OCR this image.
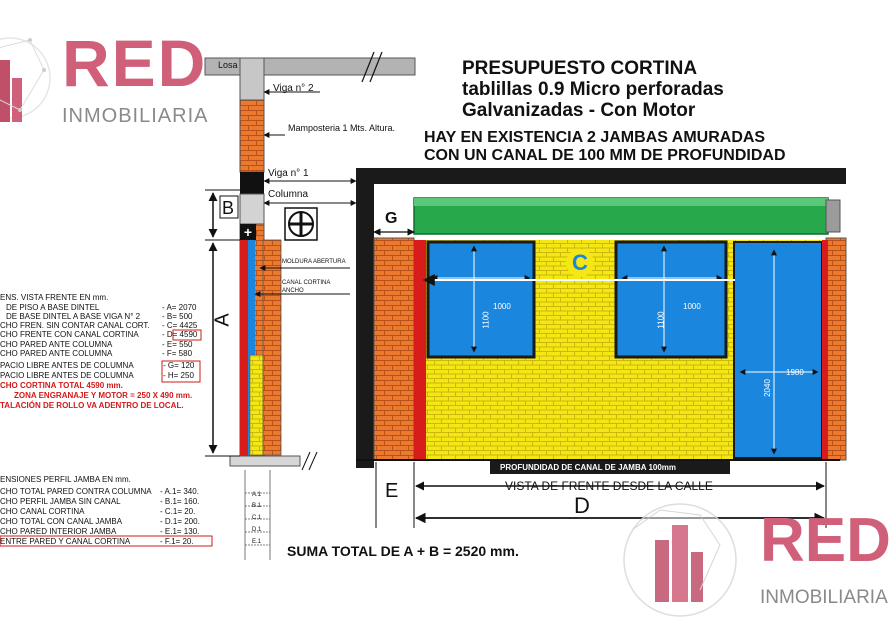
+
RED
INMOBILIARIA
Losa
Viga n° 2
Mamposteria 1 Mts. Altura.
Viga n° 1
Columna
MOLDURA ABERTURA
CANAL CORTINA
ANCHO
B
A
G
C
E
D
PRESUPUESTO CORTINA
tablillas 0.9 Micro perforadas
Galvanizadas - Con Motor
HAY EN EXISTENCIA 2 JAMBAS AMURADAS
CON UN CANAL DE 100 MM DE PROFUNDIDAD
1000
1100
1000
1100
1980
2040
PROFUNDIDAD DE CANAL DE JAMBA 100mm
VISTA DE FRENTE DESDE LA CALLE
ENS. VISTA FRENTE EN mm.
DE PISO A BASE DINTEL	- A= 2070
DE BASE DINTEL A BASE VIGA N° 2	- B= 500
CHO FREN. SIN CONTAR CANAL CORT. - C= 4425
CHO FRENTE CON CANAL CORTINA	- D= 4590
CHO PARED ANTE COLUMNA	- E= 550
CHO PARED ANTE COLUMNA	- F= 580
PACIO LIBRE ANTES DE COLUMNA	- G= 120
PACIO LIBRE ANTES DE COLUMNA	- H= 250
CHO CORTINA TOTAL 4590 mm.
ZONA ENGRANAJE Y MOTOR = 250 X 490 mm.
TALACIÓN DE ROLLO VA ADENTRO DE LOCAL.
ENSIONES PERFIL JAMBA EN mm.
CHO TOTAL PARED CONTRA COLUMNA - A.1= 340.
CHO PERFIL JAMBA SIN CANAL	- B.1= 160.
CHO CANAL CORTINA	- C.1= 20.
CHO TOTAL CON CANAL JAMBA	- D.1= 200.
CHO PARED INTERIOR JAMBA	- E.1= 130.
ENTRE PARED Y CANAL CORTINA	- F.1= 20.
A.1
B.1
C.1
D.1
E.1
SUMA TOTAL DE A + B = 2520 mm.	RED
INMOBILIARIA
